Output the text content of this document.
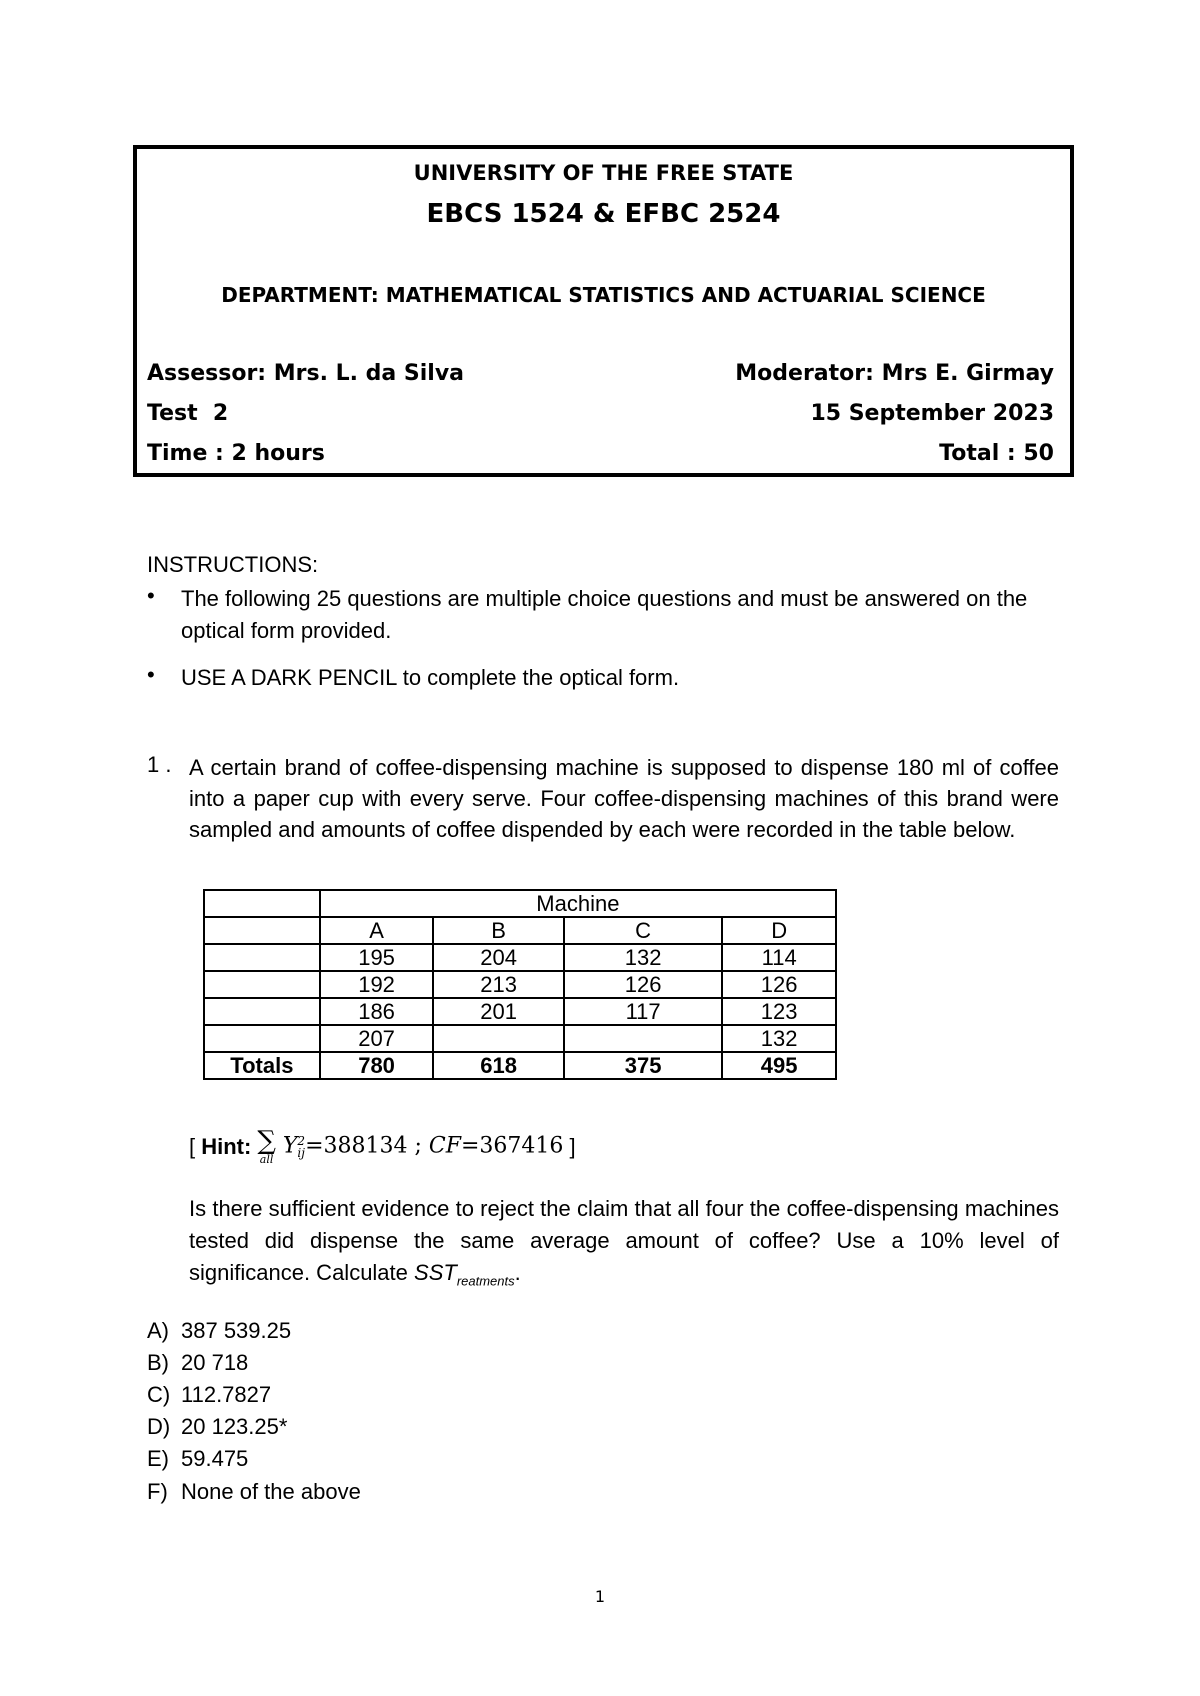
UNIVERSITY OF THE FREE STATE
EBCS 1524 & EFBC 2524
DEPARTMENT: MATHEMATICAL STATISTICS AND ACTUARIAL SCIENCE
Assessor: Mrs. L. da Silva	Moderator: Mrs E. Girmay
Test  2	15 September 2023
Time : 2 hours	Total : 50
INSTRUCTIONS:
•	The following 25 questions are multiple choice questions and must be answered on the optical form provided.
•	USE A DARK PENCIL to complete the optical form.
1 . A certain brand of coffee-dispensing machine is supposed to dispense 180 ml of coffee into a paper cup with every serve. Four coffee-dispensing machines of this brand were sampled and amounts of coffee dispended by each were recorded in the table below.
	Machine			
	A	B	C	D
	195	204	132	114
	192	213	126	126
	186	201	117	123
	207			132
Totals	780	618	375	495
[ Hint: ∑
all
Y 2
ij =388134 ; CF=367416 ]
Is there sufficient evidence to reject the claim that all four the coffee-dispensing machines tested did dispense the same average amount of coffee? Use a 10% level of significance. Calculate $SST_{reatments}$.
A) 387 539.25
B) 20 718
C) 112.7827
D) 20 123.25*
E) 59.475
F) None of the above
1
